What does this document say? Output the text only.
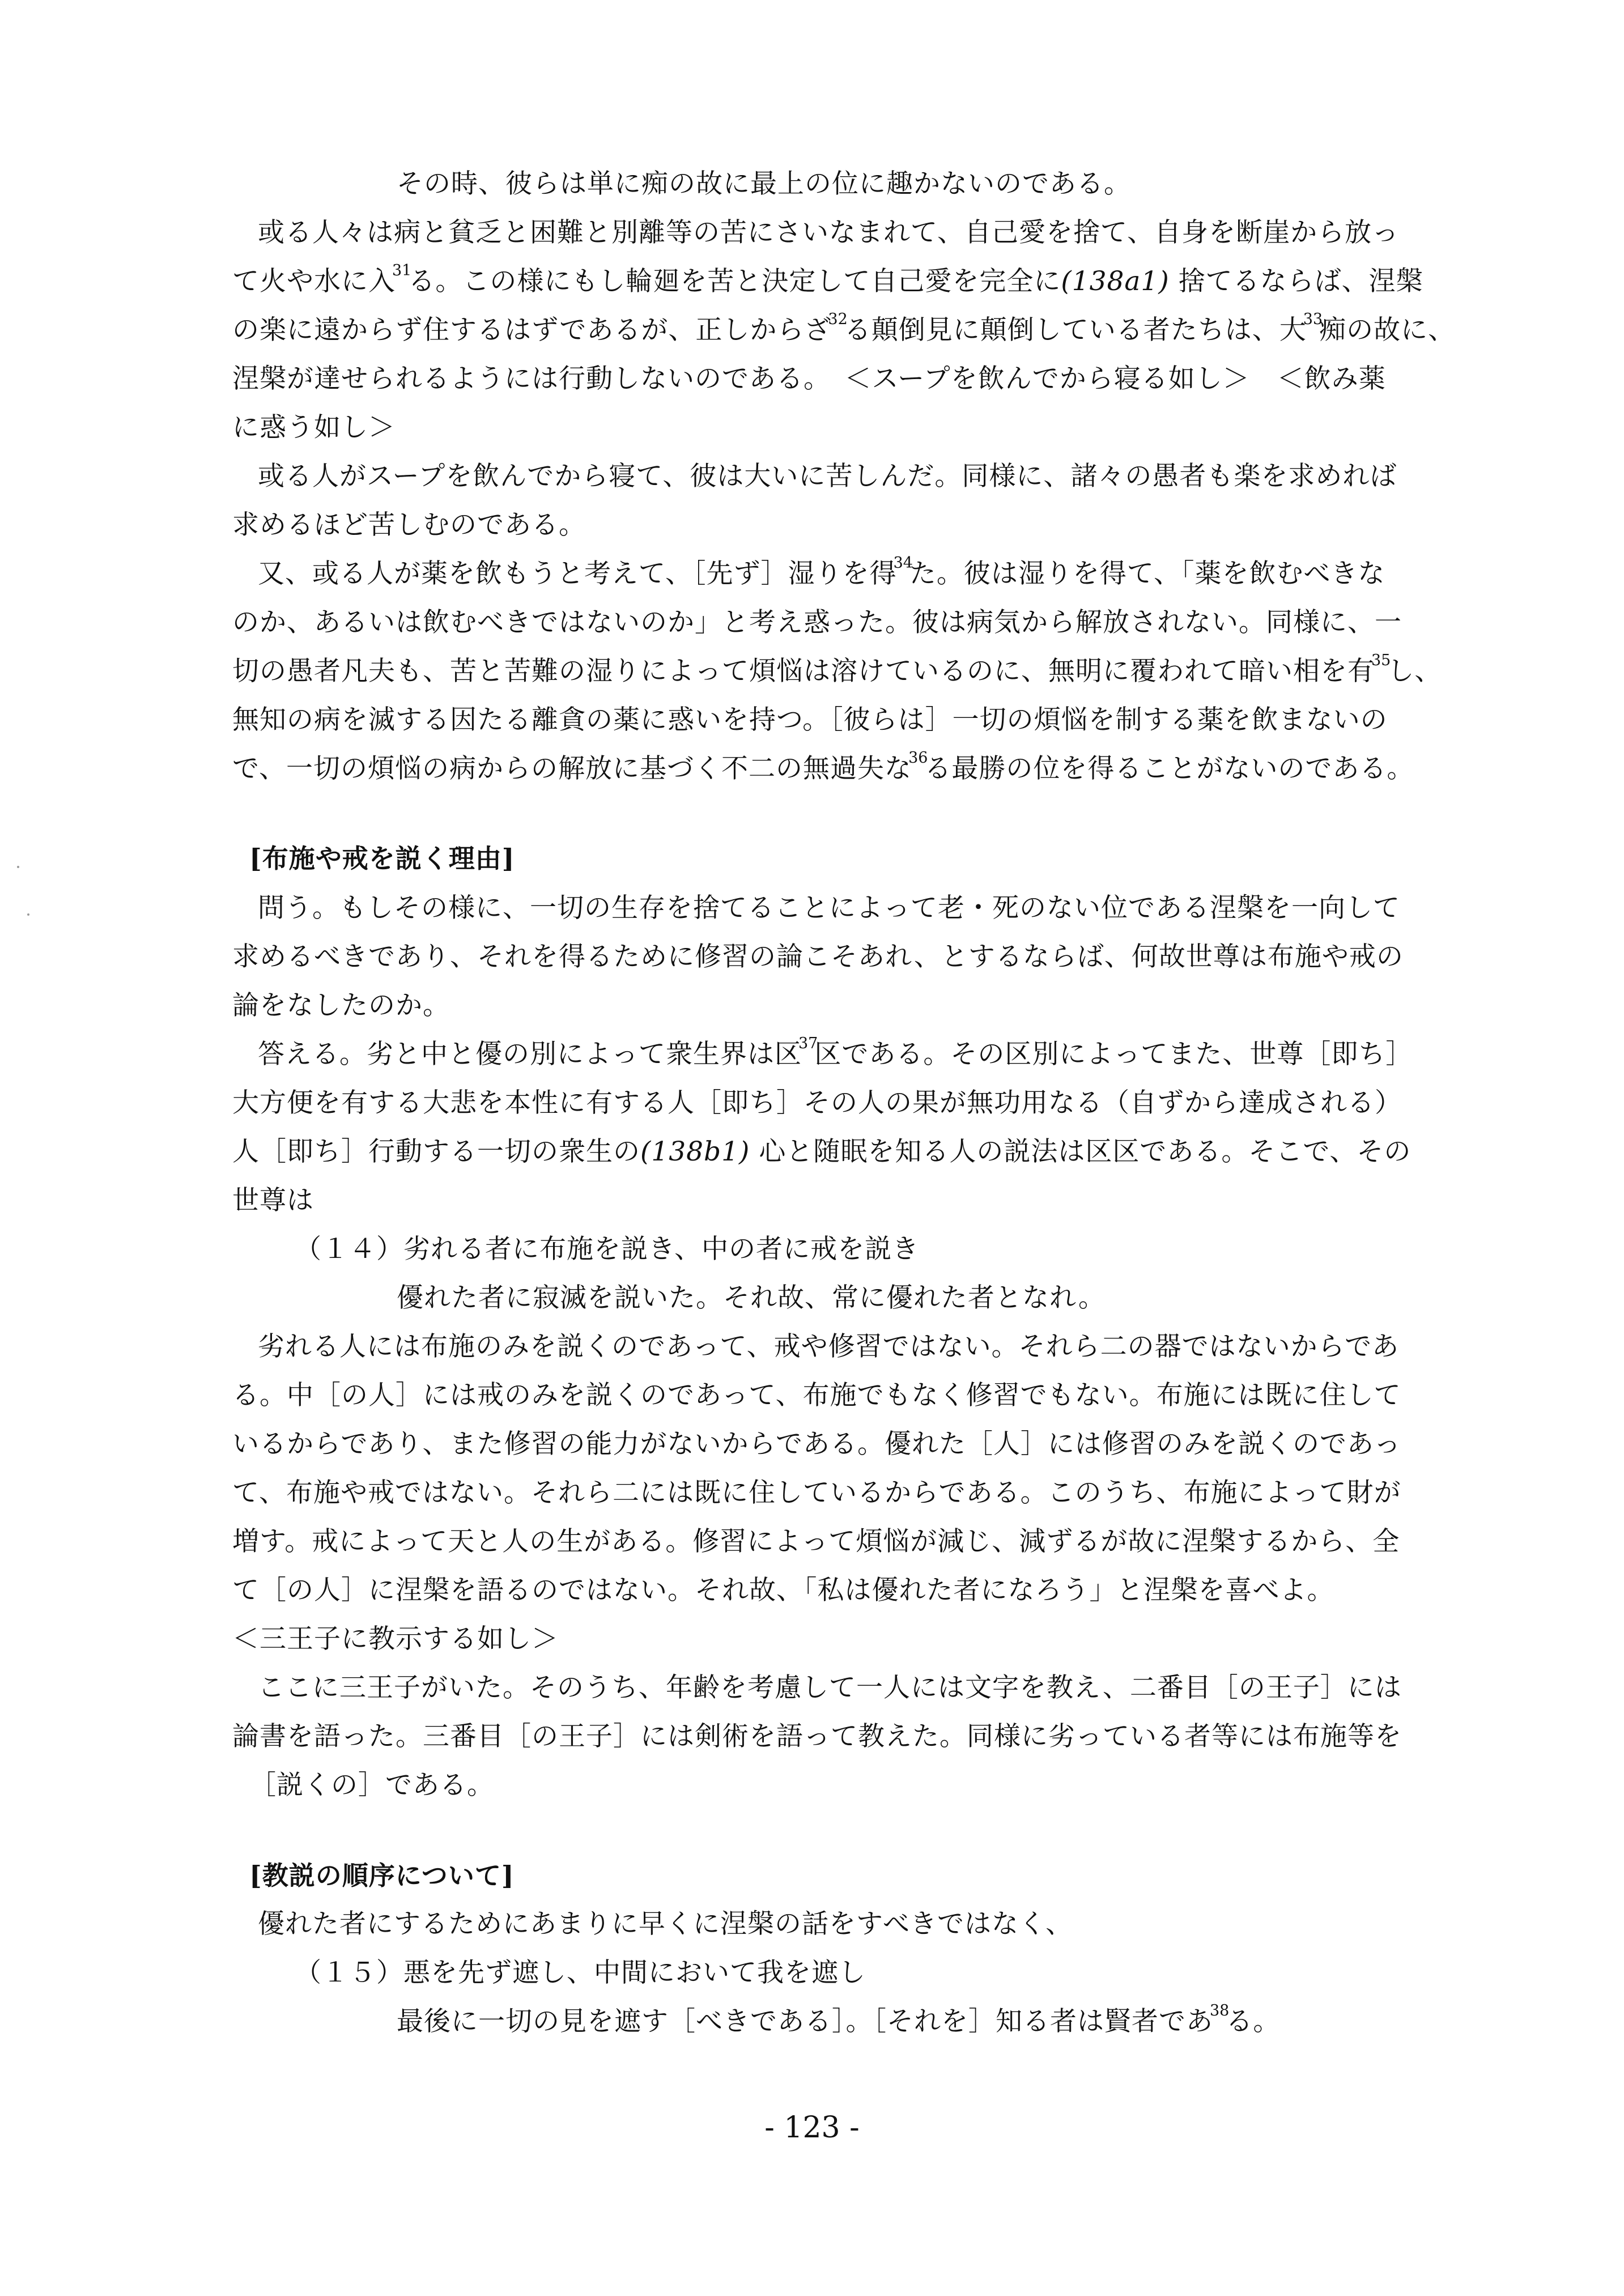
その時、彼らは単に痴の故に最上の位に趣かないのである。

或る人々は病と貧乏と困難と別離等の苦にさいなまれて、自己愛を捨て、自身を断崖から放っ

て火や水に入$^{31}$る。この様にもし輪廻を苦と決定して自己愛を完全に(138a1) 捨てるならば、涅槃

の楽に遠からず住するはずであるが、正しからざ$^{32}$る顛倒見に顛倒している者たちは、大$^{33}$痴の故に、

涅槃が達せられるようには行動しないのである。　＜スープを飲んでから寝る如し＞　＜飲み薬

に惑う如し＞

或る人がスープを飲んでから寝て、彼は大いに苦しんだ。同様に、諸々の愚者も楽を求めれば

求めるほど苦しむのである。

又、或る人が薬を飲もうと考えて、［先ず］湿りを得$^{34}$た。彼は湿りを得て、「薬を飲むべきな

のか、あるいは飲むべきではないのか」と考え惑った。彼は病気から解放されない。同様に、一

切の愚者凡夫も、苦と苦難の湿りによって煩悩は溶けているのに、無明に覆われて暗い相を有$^{35}$し、

無知の病を滅する因たる離貪の薬に惑いを持つ。［彼らは］一切の煩悩を制する薬を飲まないの

で、一切の煩悩の病からの解放に基づく不二の無過失な$^{36}$る最勝の位を得ることがないのである。

[布施や戒を説く理由]

問う。もしその様に、一切の生存を捨てることによって老・死のない位である涅槃を一向して

求めるべきであり、それを得るために修習の論こそあれ、とするならば、何故世尊は布施や戒の

論をなしたのか。

答える。劣と中と優の別によって衆生界は区$^{37}$区である。その区別によってまた、世尊［即ち］

大方便を有する大悲を本性に有する人［即ち］その人の果が無功用なる（自ずから達成される）

人［即ち］行動する一切の衆生の(138b1) 心と随眠を知る人の説法は区区である。そこで、その

世尊は

（１４）劣れる者に布施を説き、中の者に戒を説き

優れた者に寂滅を説いた。それ故、常に優れた者となれ。

劣れる人には布施のみを説くのであって、戒や修習ではない。それら二の器ではないからであ

る。中［の人］には戒のみを説くのであって、布施でもなく修習でもない。布施には既に住して

いるからであり、また修習の能力がないからである。優れた［人］には修習のみを説くのであっ

て、布施や戒ではない。それら二には既に住しているからである。このうち、布施によって財が

増す。戒によって天と人の生がある。修習によって煩悩が減じ、減ずるが故に涅槃するから、全

て［の人］に涅槃を語るのではない。それ故、「私は優れた者になろう」と涅槃を喜べよ。

＜三王子に教示する如し＞

ここに三王子がいた。そのうち、年齢を考慮して一人には文字を教え、二番目［の王子］には

論書を語った。三番目［の王子］には剣術を語って教えた。同様に劣っている者等には布施等を

［説くの］である。

[教説の順序について]

優れた者にするためにあまりに早くに涅槃の話をすべきではなく、

（１５）悪を先ず遮し、中間において我を遮し

最後に一切の見を遮す［べきである］。［それを］知る者は賢者であ$^{38}$る。

- 123 -
